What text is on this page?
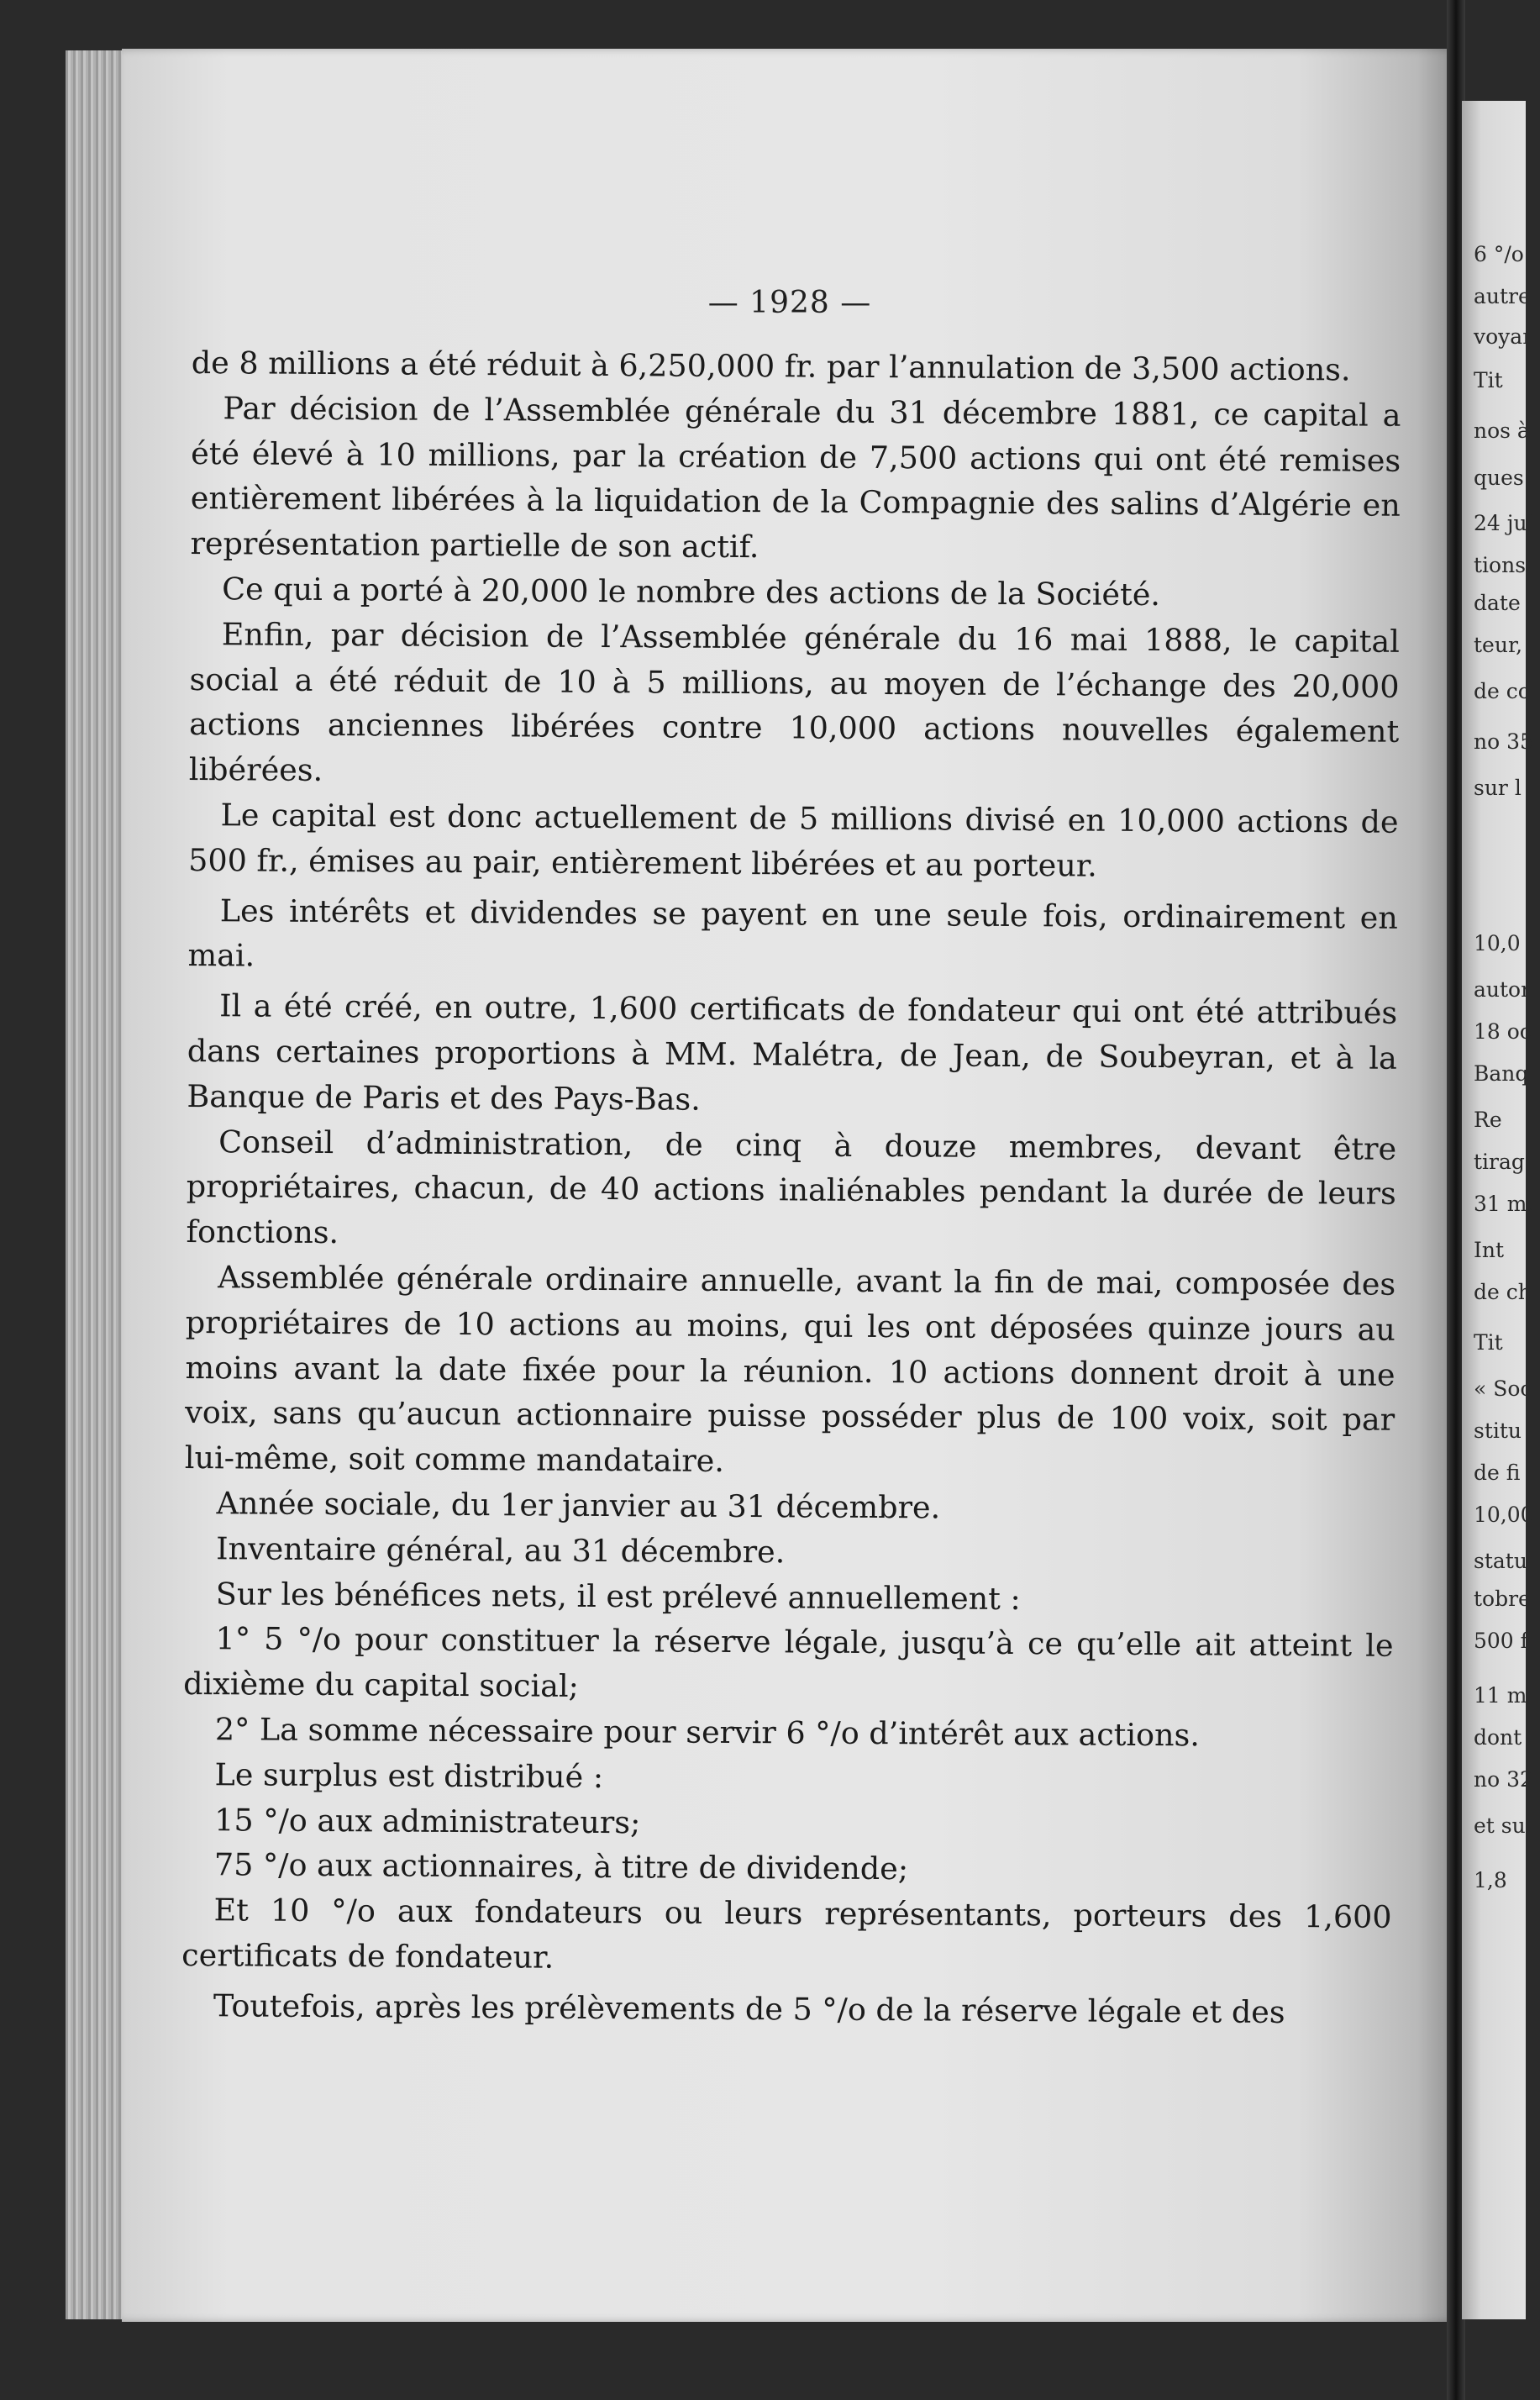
— 1928 —

de 8 millions a été réduit à 6,250,000 fr. par l’annulation de 3,500 actions.

Par décision de l’Assemblée générale du 31 décembre 1881, ce capital a été élevé à 10 millions, par la création de 7,500 actions qui ont été remises entièrement libérées à la liquidation de la Compagnie des salins d’Algérie en représentation partielle de son actif.

Ce qui a porté à 20,000 le nombre des actions de la Société.

Enfin, par décision de l’Assemblée générale du 16 mai 1888, le capital social a été réduit de 10 à 5 millions, au moyen de l’échange des 20,000 actions anciennes libérées contre 10,000 actions nouvelles également libérées.

Le capital est donc actuellement de 5 millions divisé en 10,000 actions de 500 fr., émises au pair, entièrement libérées et au porteur.

Les intérêts et dividendes se payent en une seule fois, ordinairement en mai.

Il a été créé, en outre, 1,600 certificats de fondateur qui ont été attribués dans certaines proportions à MM. Malétra, de Jean, de Soubeyran, et à la Banque de Paris et des Pays-Bas.

Conseil d’administration, de cinq à douze membres, devant être propriétaires, chacun, de 40 actions inaliénables pendant la durée de leurs fonctions.

Assemblée générale ordinaire annuelle, avant la fin de mai, composée des propriétaires de 10 actions au moins, qui les ont déposées quinze jours au moins avant la date fixée pour la réunion. 10 actions donnent droit à une voix, sans qu’aucun actionnaire puisse posséder plus de 100 voix, soit par lui-même, soit comme mandataire.

Année sociale, du 1er janvier au 31 décembre.

Inventaire général, au 31 décembre.

Sur les bénéfices nets, il est prélevé annuellement :

1° 5 °/o pour constituer la réserve légale, jusqu’à ce qu’elle ait atteint le dixième du capital social;

2° La somme nécessaire pour servir 6 °/o d’intérêt aux actions.

Le surplus est distribué :

15 °/o aux administrateurs;

75 °/o aux actionnaires, à titre de dividende;

Et 10 °/o aux fondateurs ou leurs représentants, porteurs des 1,600 certificats de fondateur.

Toutefois, après les prélèvements de 5 °/o de la réserve légale et des

6 °/o
autre
voyar
Tit
nos à
ques.
24 jui
tions
date
teur,
de co
no 35.
sur l
10,0
autor
18 oc
Banq
Re
tirag
31 ma
Int
de ch
Tit
« Soc
stitu
de fi
10,00
statu
tobre
500 f
11 m
dont
no 32
et su
1,8
